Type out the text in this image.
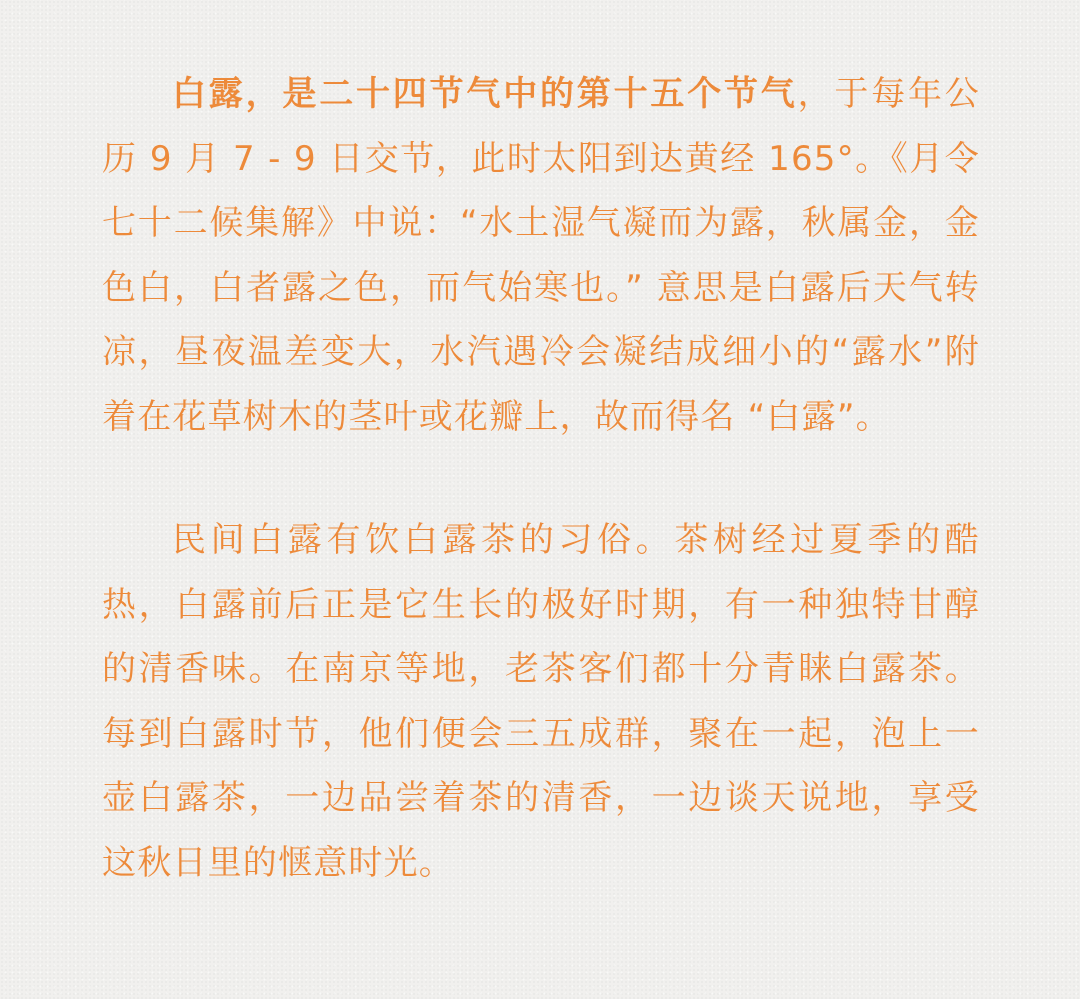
白露，是二十四节气中的第十五个节气，于每年公历 9 月 7 - 9 日交节，此时太阳到达黄经 165°。《月令七十二候集解》中说：“水土湿气凝而为露，秋属金，金色白，白者露之色，而气始寒也。” 意思是白露后天气转凉，昼夜温差变大，水汽遇冷会凝结成细小的“露水”附着在花草树木的茎叶或花瓣上，故而得名 “白露”。

民间白露有饮白露茶的习俗。茶树经过夏季的酷热，白露前后正是它生长的极好时期，有一种独特甘醇的清香味。在南京等地，老茶客们都十分青睐白露茶。每到白露时节，他们便会三五成群，聚在一起，泡上一壶白露茶，一边品尝着茶的清香，一边谈天说地，享受这秋日里的惬意时光。
